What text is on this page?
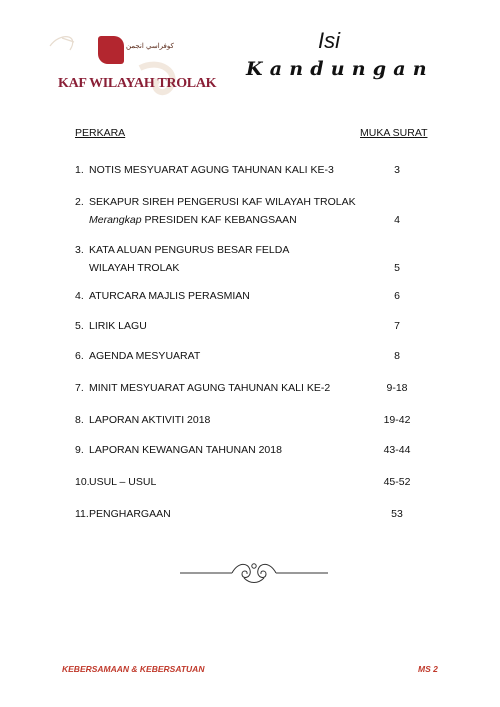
كوفراسي انجمن
KAF WILAYAH TROLAK
Isi
Kandungan
PERKARA	MUKA SURAT
1. NOTIS MESYUARAT AGUNG TAHUNAN KALI KE-3	3
2. SEKAPUR SIREH PENGERUSI KAF WILAYAH TROLAK
Merangkap PRESIDEN KAF KEBANGSAAN	4
3. KATA ALUAN PENGURUS BESAR FELDA
WILAYAH TROLAK	5
4. ATURCARA MAJLIS PERASMIAN	6
5. LIRIK LAGU	7
6. AGENDA MESYUARAT	8
7. MINIT MESYUARAT AGUNG TAHUNAN KALI KE-2	9-18
8. LAPORAN AKTIVITI 2018	19-42
9. LAPORAN KEWANGAN TAHUNAN 2018	43-44
10. USUL – USUL	45-52
11. PENGHARGAAN	53
KEBERSAMAAN & KEBERSATUAN	MS 2
